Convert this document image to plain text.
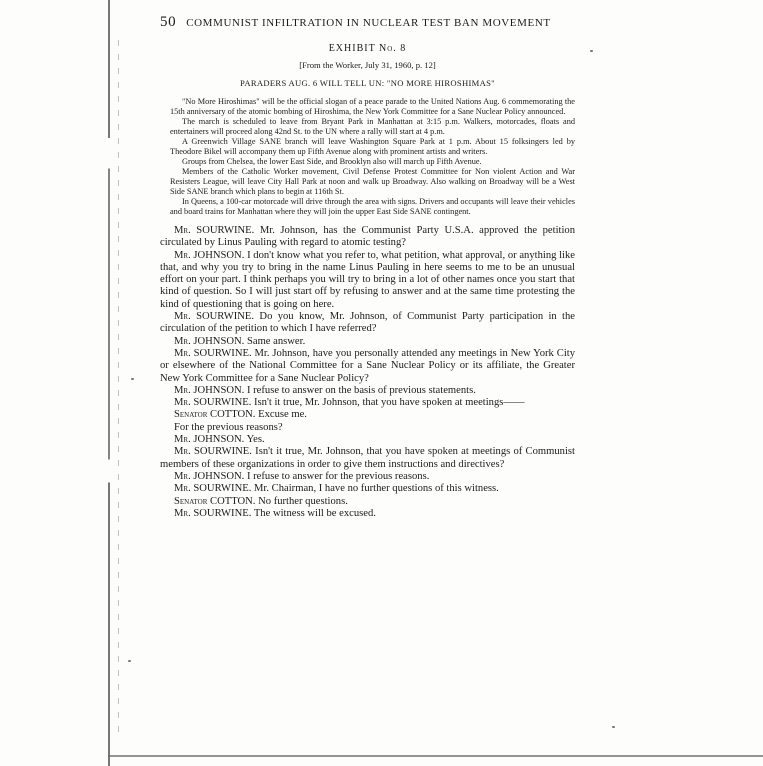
50 COMMUNIST INFILTRATION IN NUCLEAR TEST BAN MOVEMENT
EXHIBIT No. 8
[From the Worker, July 31, 1960, p. 12]
PARADERS AUG. 6 WILL TELL UN: "NO MORE HIROSHIMAS"

"No More Hiroshimas" will be the official slogan of a peace parade to the United Nations Aug. 6 commemorating the 15th anniversary of the atomic bombing of Hiroshima, the New York Committee for a Sane Nuclear Policy announced.

The march is scheduled to leave from Bryant Park in Manhattan at 3:15 p.m. Walkers, motorcades, floats and entertainers will proceed along 42nd St. to the UN where a rally will start at 4 p.m.

A Greenwich Village SANE branch will leave Washington Square Park at 1 p.m. About 15 folksingers led by Theodore Bikel will accompany them up Fifth Avenue along with prominent artists and writers.

Groups from Chelsea, the lower East Side, and Brooklyn also will march up Fifth Avenue.

Members of the Catholic Worker movement, Civil Defense Protest Committee for Non violent Action and War Resisters League, will leave City Hall Park at noon and walk up Broadway. Also walking on Broadway will be a West Side SANE branch which plans to begin at 116th St.

In Queens, a 100-car motorcade will drive through the area with signs. Drivers and occupants will leave their vehicles and board trains for Manhattan where they will join the upper East Side SANE contingent.

Mr. SOURWINE. Mr. Johnson, has the Communist Party U.S.A. approved the petition circulated by Linus Pauling with regard to atomic testing?

Mr. JOHNSON. I don't know what you refer to, what petition, what approval, or anything like that, and why you try to bring in the name Linus Pauling in here seems to me to be an unusual effort on your part. I think perhaps you will try to bring in a lot of other names once you start that kind of question. So I will just start off by refusing to answer and at the same time protesting the kind of questioning that is going on here.

Mr. SOURWINE. Do you know, Mr. Johnson, of Communist Party participation in the circulation of the petition to which I have referred?

Mr. JOHNSON. Same answer.

Mr. SOURWINE. Mr. Johnson, have you personally attended any meetings in New York City or elsewhere of the National Committee for a Sane Nuclear Policy or its affiliate, the Greater New York Committee for a Sane Nuclear Policy?

Mr. JOHNSON. I refuse to answer on the basis of previous statements.

Mr. SOURWINE. Isn't it true, Mr. Johnson, that you have spoken at meetings——

Senator COTTON. Excuse me.

For the previous reasons?

Mr. JOHNSON. Yes.

Mr. SOURWINE. Isn't it true, Mr. Johnson, that you have spoken at meetings of Communist members of these organizations in order to give them instructions and directives?

Mr. JOHNSON. I refuse to answer for the previous reasons.

Mr. SOURWINE. Mr. Chairman, I have no further questions of this witness.

Senator COTTON. No further questions.

Mr. SOURWINE. The witness will be excused.
